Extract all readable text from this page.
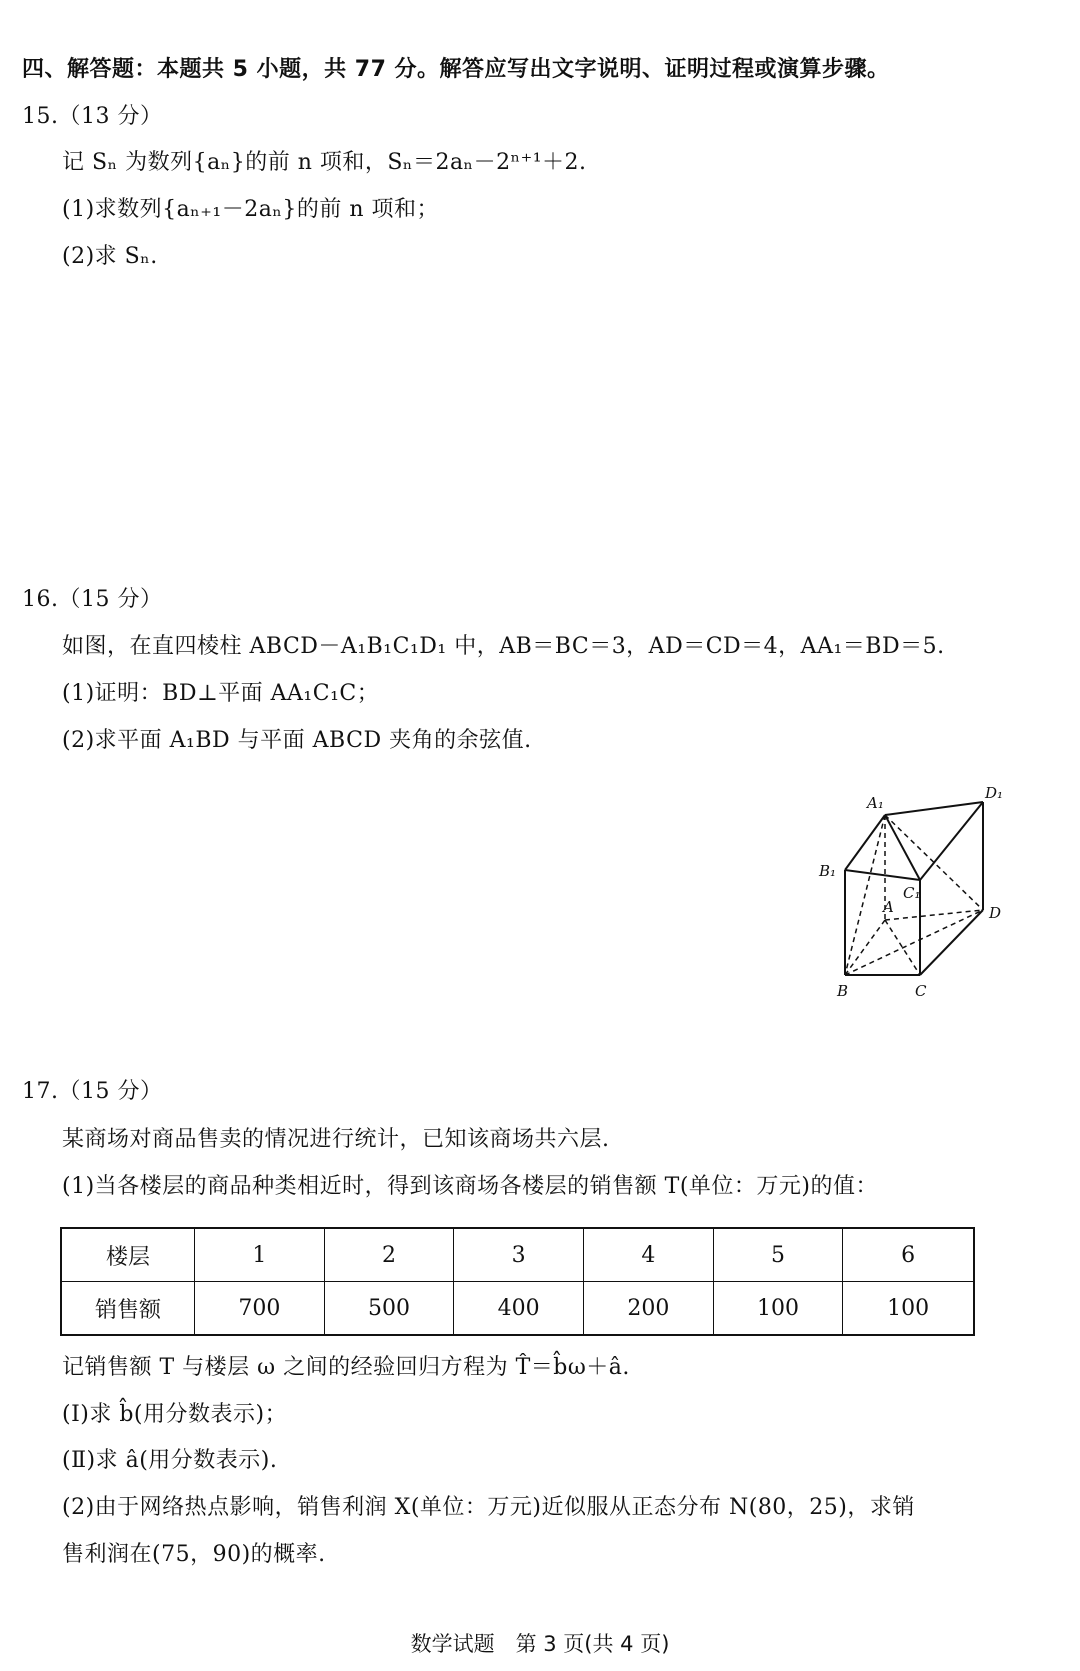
四、解答题：本题共 5 小题，共 77 分。解答应写出文字说明、证明过程或演算步骤。
15.（13 分）
记 Sₙ 为数列{aₙ}的前 n 项和，Sₙ＝2aₙ－2ⁿ⁺¹＋2.
(1)求数列{aₙ₊₁－2aₙ}的前 n 项和；
(2)求 Sₙ.
16.（15 分）
如图，在直四棱柱 ABCD－A₁B₁C₁D₁ 中，AB＝BC＝3，AD＝CD＝4，AA₁＝BD＝5.
(1)证明：BD⊥平面 AA₁C₁C；
(2)求平面 A₁BD 与平面 ABCD 夹角的余弦值.
A₁
D₁
B₁
C₁
A	D
B	C
17.（15 分）
某商场对商品售卖的情况进行统计，已知该商场共六层.
(1)当各楼层的商品种类相近时，得到该商场各楼层的销售额 T(单位：万元)的值：
楼层	1	2	3	4	5	6
销售额	700	500	400	200	100	100
记销售额 T 与楼层 ω 之间的经验回归方程为 T̂＝b̂ω＋â.
(Ⅰ)求 b̂(用分数表示)；
(Ⅱ)求 â(用分数表示).
(2)由于网络热点影响，销售利润 X(单位：万元)近似服从正态分布 N(80，25)，求销
售利润在(75，90)的概率.
数学试题　第 3 页(共 4 页)
